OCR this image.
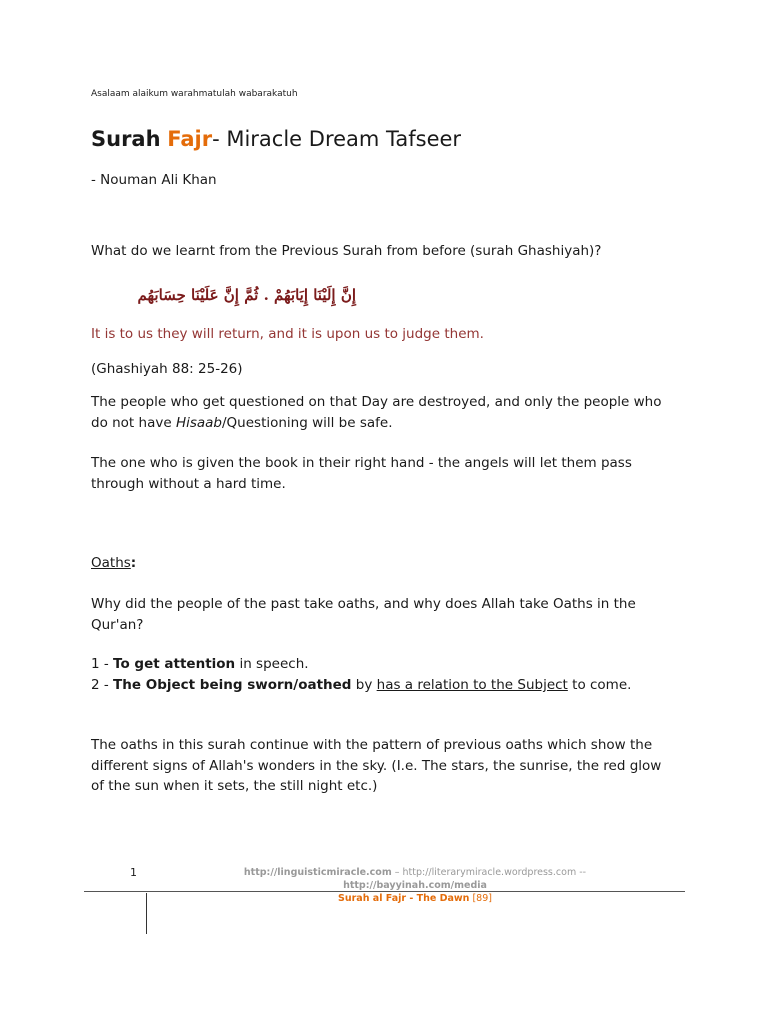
Asalaam alaikum warahmatulah wabarakatuh
Surah Fajr- Miracle Dream Tafseer
- Nouman Ali Khan
What do we learnt from the Previous Surah from before (surah Ghashiyah)?
إِنَّ إِلَيْنَا إِيَابَهُمْ . ثُمَّ إِنَّ عَلَيْنَا حِسَابَهُم
It is to us they will return, and it is upon us to judge them.
(Ghashiyah 88: 25-26)
The people who get questioned on that Day are destroyed, and only the people who do not have Hisaab/Questioning will be safe.
The one who is given the book in their right hand - the angels will let them pass through without a hard time.
Oaths:
Why did the people of the past take oaths, and why does Allah take Oaths in the Qur'an?
1 - To get attention in speech.
2 - The Object being sworn/oathed by has a relation to the Subject to come.
The oaths in this surah continue with the pattern of previous oaths which show the different signs of Allah's wonders in the sky. (I.e. The stars, the sunrise, the red glow of the sun when it sets, the still night etc.)
1	http://linguisticmiracle.com – http://literarymiracle.wordpress.com --
http://bayyinah.com/media
Surah al Fajr - The Dawn [89]
